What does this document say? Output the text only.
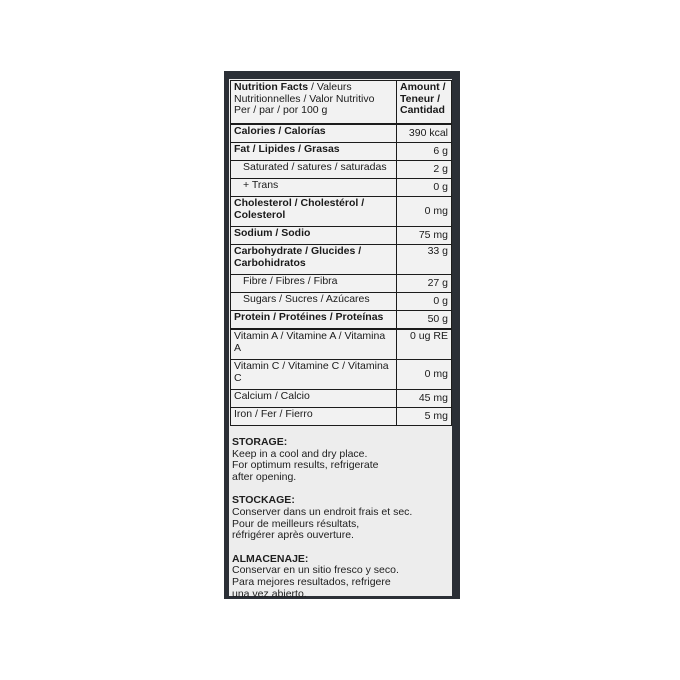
Nutrition Facts / Valeurs Nutritionnelles / Valor Nutritivo
Per / par / por 100 g	Amount / Teneur / Cantidad
Calories / Calorías	390 kcal
Fat / Lipides / Grasas	6 g
Saturated / satures / saturadas	2 g
+ Trans	0 g
Cholesterol / Cholestérol / Colesterol	0 mg
Sodium / Sodio	75 mg
Carbohydrate / Glucides / Carbohidratos	33 g
Fibre / Fibres / Fibra	27 g
Sugars / Sucres / Azúcares	0 g
Protein / Protéines / Proteínas	50 g
Vitamin A / Vitamine A / Vitamina A	0 ug RE
Vitamin C / Vitamine C / Vitamina C	0 mg
Calcium / Calcio	45 mg
Iron / Fer / Fierro	5 mg
STORAGE:
Keep in a cool and dry place.
For optimum results, refrigerate
after opening.
STOCKAGE:
Conserver dans un endroit frais et sec.
Pour de meilleurs résultats,
réfrigérer après ouverture.
ALMACENAJE:
Conservar en un sitio fresco y seco.
Para mejores resultados, refrigere
una vez abierto.
